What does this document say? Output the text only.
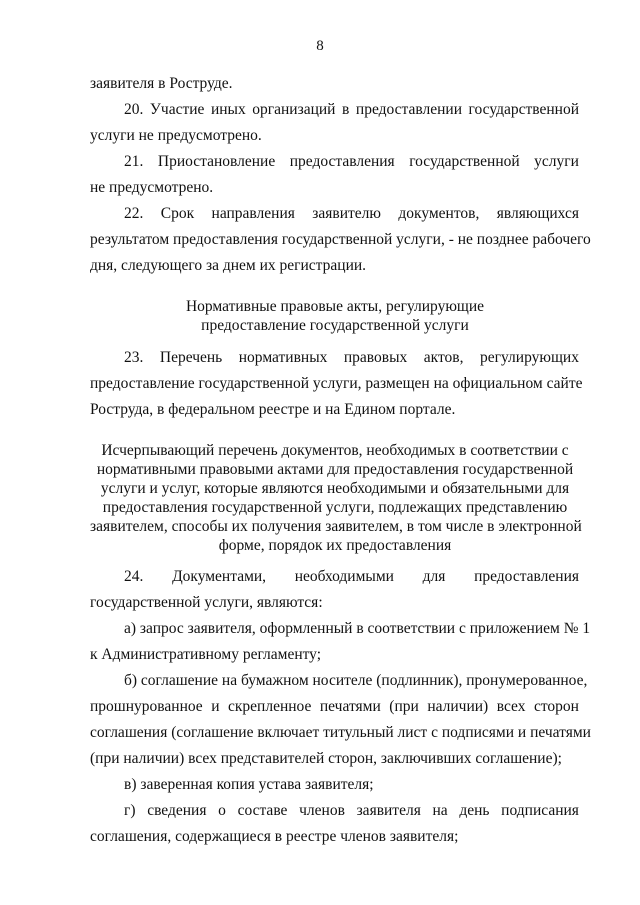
8
заявителя в Роструде.
20. Участие иных организаций в предоставлении государственной
услуги не предусмотрено.
21. Приостановление предоставления государственной услуги
не предусмотрено.
22. Срок направления заявителю документов, являющихся
результатом предоставления государственной услуги, - не позднее рабочего
дня, следующего за днем их регистрации.
Нормативные правовые акты, регулирующие
предоставление государственной услуги
23. Перечень нормативных правовых актов, регулирующих
предоставление государственной услуги, размещен на официальном сайте
Роструда, в федеральном реестре и на Едином портале.
Исчерпывающий перечень документов, необходимых в соответствии с
нормативными правовыми актами для предоставления государственной
услуги и услуг, которые являются необходимыми и обязательными для
предоставления государственной услуги, подлежащих представлению
заявителем, способы их получения заявителем, в том числе в электронной
форме, порядок их предоставления
24. Документами, необходимыми для предоставления
государственной услуги, являются:
а) запрос заявителя, оформленный в соответствии с приложением № 1
к Административному регламенту;
б) соглашение на бумажном носителе (подлинник), пронумерованное,
прошнурованное и скрепленное печатями (при наличии) всех сторон
соглашения (соглашение включает титульный лист с подписями и печатями
(при наличии) всех представителей сторон, заключивших соглашение);
в) заверенная копия устава заявителя;
г) сведения о составе членов заявителя на день подписания
соглашения, содержащиеся в реестре членов заявителя;
